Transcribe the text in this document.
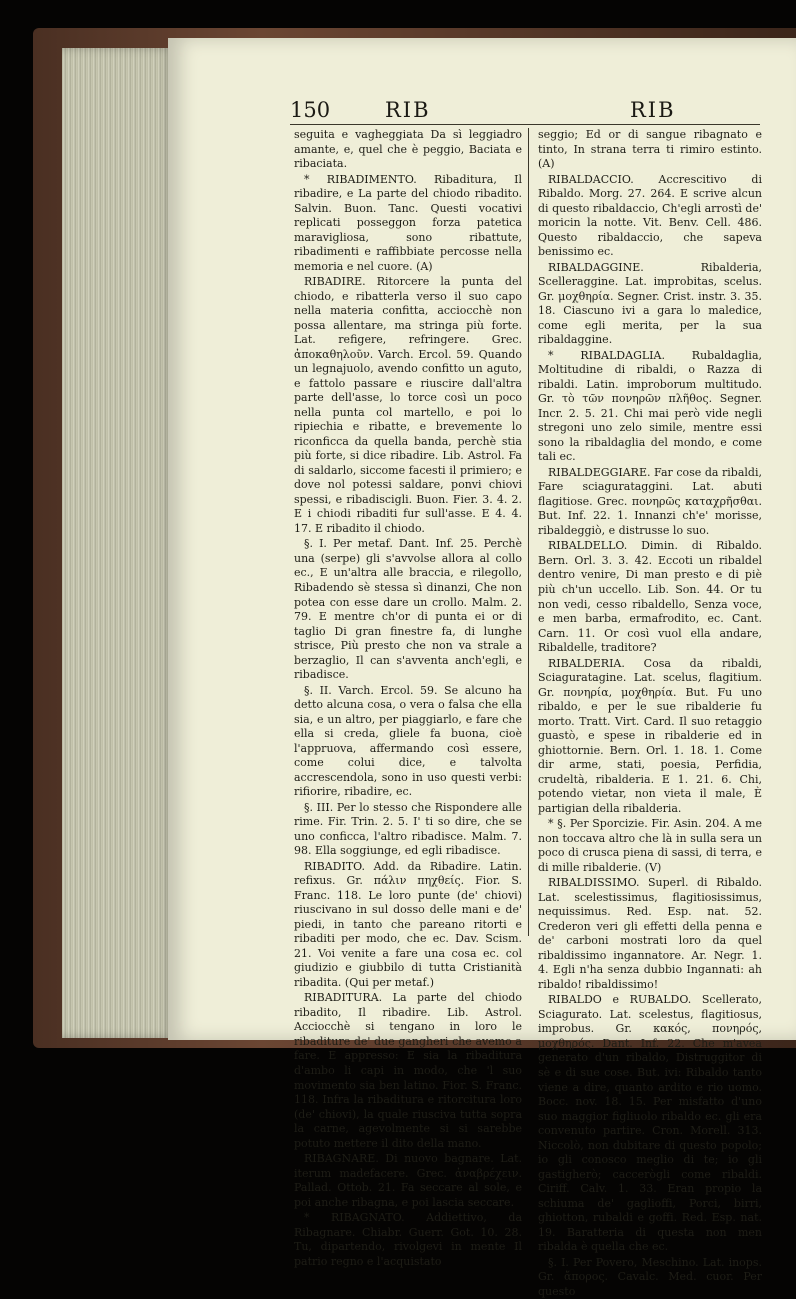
150	RIB	RIB

seguita e vagheggiata Da sì leggiadro amante, e, quel che è peggio, Baciata e ribaciata.

* RIBADIMENTO. Ribaditura, Il ribadire, e La parte del chiodo ribadito. Salvin. Buon. Tanc. Questi vocativi replicati posseggon forza patetica maravigliosa, sono ribattute, ribadimenti e raffibbiate percosse nella memoria e nel cuore. (A)

RIBADIRE. Ritorcere la punta del chiodo, e ribatterla verso il suo capo nella materia confitta, acciocchè non possa allentare, ma stringa più forte. Lat. refigere, refringere. Grec. ἀποκαθηλοῦν. Varch. Ercol. 59. Quando un legnajuolo, avendo confitto un aguto, e fattolo passare e riuscire dall'altra parte dell'asse, lo torce così un poco nella punta col martello, e poi lo ripiechia e ribatte, e brevemente lo riconficca da quella banda, perchè stia più forte, si dice ribadire. Lib. Astrol. Fa di saldarlo, siccome facesti il primiero; e dove nol potessi saldare, ponvi chiovi spessi, e ribadiscigli. Buon. Fier. 3. 4. 2. E i chiodi ribaditi fur sull'asse. E 4. 4. 17. E ribadito il chiodo.

§. I. Per metaf. Dant. Inf. 25. Perchè una (serpe) gli s'avvolse allora al collo ec., E un'altra alle braccia, e rilegollo, Ribadendo sè stessa sì dinanzi, Che non potea con esse dare un crollo. Malm. 2. 79. E mentre ch'or di punta ei or di taglio Di gran finestre fa, di lunghe strisce, Più presto che non va strale a berzaglio, Il can s'avventa anch'egli, e ribadisce.

§. II. Varch. Ercol. 59. Se alcuno ha detto alcuna cosa, o vera o falsa che ella sia, e un altro, per piaggiarlo, e fare che ella si creda, gliele fa buona, cioè l'appruova, affermando così essere, come colui dice, e talvolta accrescendola, sono in uso questi verbi: rifiorire, ribadire, ec.

§. III. Per lo stesso che Rispondere alle rime. Fir. Trin. 2. 5. I' ti so dire, che se uno conficca, l'altro ribadisce. Malm. 7. 98. Ella soggiunge, ed egli ribadisce.

RIBADITO. Add. da Ribadire. Latin. refixus. Gr. πάλιν πηχθείς. Fior. S. Franc. 118. Le loro punte (de' chiovi) riuscivano in sul dosso delle mani e de' piedi, in tanto che pareano ritorti e ribaditi per modo, che ec. Dav. Scism. 21. Voi venite a fare una cosa ec. col giudizio e giubbilo di tutta Cristianità ribadita. (Qui per metaf.)

RIBADITURA. La parte del chiodo ribadito, Il ribadire. Lib. Astrol. Acciocchè si tengano in loro le ribaditure de' due gangheri che avemo a fare. E appresso: E sia la ribaditura d'ambo li capi in modo, che 'l suo movimento sia ben latino. Fior. S. Franc. 118. Infra la ribaditura e ritorcitura loro (de' chiovi), la quale riusciva tutta sopra la carne, agevolmente si si sarebbe potuto mettere il dito della mano.

RIBAGNARE. Di nuovo bagnare. Lat. iterum madefacere. Grec. ἀναβρέχειν. Pallad. Ottob. 21. Fa seccare al sole, e poi anche ribagna, e poi lascia seccare.

* RIBAGNATO. Addiettivo, da Ribagnare. Chiabr. Guerr. Got. 10. 28. Tu, dipartendo, rivolgevi in mente Il patrio regno e l'acquistato

seggio; Ed or di sangue ribagnato e tinto, In strana terra ti rimiro estinto. (A)

RIBALDACCIO. Accrescitivo di Ribaldo. Morg. 27. 264. E scrive alcun di questo ribaldaccio, Ch'egli arrostì de' moricin la notte. Vit. Benv. Cell. 486. Questo ribaldaccio, che sapeva benissimo ec.

RIBALDAGGINE. Ribalderia, Scelleraggine. Lat. improbitas, scelus. Gr. μοχθηρία. Segner. Crist. instr. 3. 35. 18. Ciascuno ivi a gara lo maledice, come egli merita, per la sua ribaldaggine.

* RIBALDAGLIA. Rubaldaglia, Moltitudine di ribaldi, o Razza di ribaldi. Latin. improborum multitudo. Gr. τὸ τῶν πονηρῶν πλῆθος. Segner. Incr. 2. 5. 21. Chi mai però vide negli stregoni uno zelo simile, mentre essi sono la ribaldaglia del mondo, e come tali ec.

RIBALDEGGIARE. Far cose da ribaldi, Fare sciagurataggini. Lat. abuti flagitiose. Grec. πονηρῶς καταχρῆσθαι. But. Inf. 22. 1. Innanzi ch'e' morisse, ribaldeggiò, e distrusse lo suo.

RIBALDELLO. Dimin. di Ribaldo. Bern. Orl. 3. 3. 42. Eccoti un ribaldel dentro venire, Di man presto e di piè più ch'un uccello. Lib. Son. 44. Or tu non vedi, cesso ribaldello, Senza voce, e men barba, ermafrodito, ec. Cant. Carn. 11. Or così vuol ella andare, Ribaldelle, traditore?

RIBALDERIA. Cosa da ribaldi, Sciaguratagine. Lat. scelus, flagitium. Gr. πονηρία, μοχθηρία. But. Fu uno ribaldo, e per le sue ribalderie fu morto. Tratt. Virt. Card. Il suo retaggio guastò, e spese in ribalderie ed in ghiottornie. Bern. Orl. 1. 18. 1. Come dir arme, stati, poesia, Perfidia, crudeltà, ribalderia. E 1. 21. 6. Chi, potendo vietar, non vieta il male, È partigian della ribalderia.

* §. Per Sporcizie. Fir. Asin. 204. A me non toccava altro che là in sulla sera un poco di crusca piena di sassi, di terra, e di mille ribalderie. (V)

RIBALDISSIMO. Superl. di Ribaldo. Lat. scelestissimus, flagitiosissimus, nequissimus. Red. Esp. nat. 52. Crederon veri gli effetti della penna e de' carboni mostrati loro da quel ribaldissimo ingannatore. Ar. Negr. 1. 4. Egli n'ha senza dubbio Ingannati: ah ribaldo! ribaldissimo!

RIBALDO e RUBALDO. Scellerato, Sciagurato. Lat. scelestus, flagitiosus, improbus. Gr. κακός, πονηρός, μοχθηρός. Dant. Inf. 22. Che m'avea generato d'un ribaldo, Distruggitor di sè e di sue cose. But. ivi: Ribaldo tanto viene a dire, quanto ardito e rio uomo. Bocc. nov. 18. 15. Per misfatto d'uno suo maggior figliuolo ribaldo ec. gli era convenuto partire. Cron. Morell. 313. Niccolò, non dubitare di questo popolo; io gli conosco meglio di te; io gli gastigherò; caccerògli come ribaldi. Ciriff. Calv. 1. 33. Eran propio la schiuma de' gaglioffi, Porci, birri, ghiotton, rubaldi e goffi. Red. Esp. nat. 19. Baratteria di questa non men ribalda è quella che ec.

§. I. Per Povero, Meschino. Lat. inops. Gr. ἄπορος. Cavalc. Med. cuor. Per questo
